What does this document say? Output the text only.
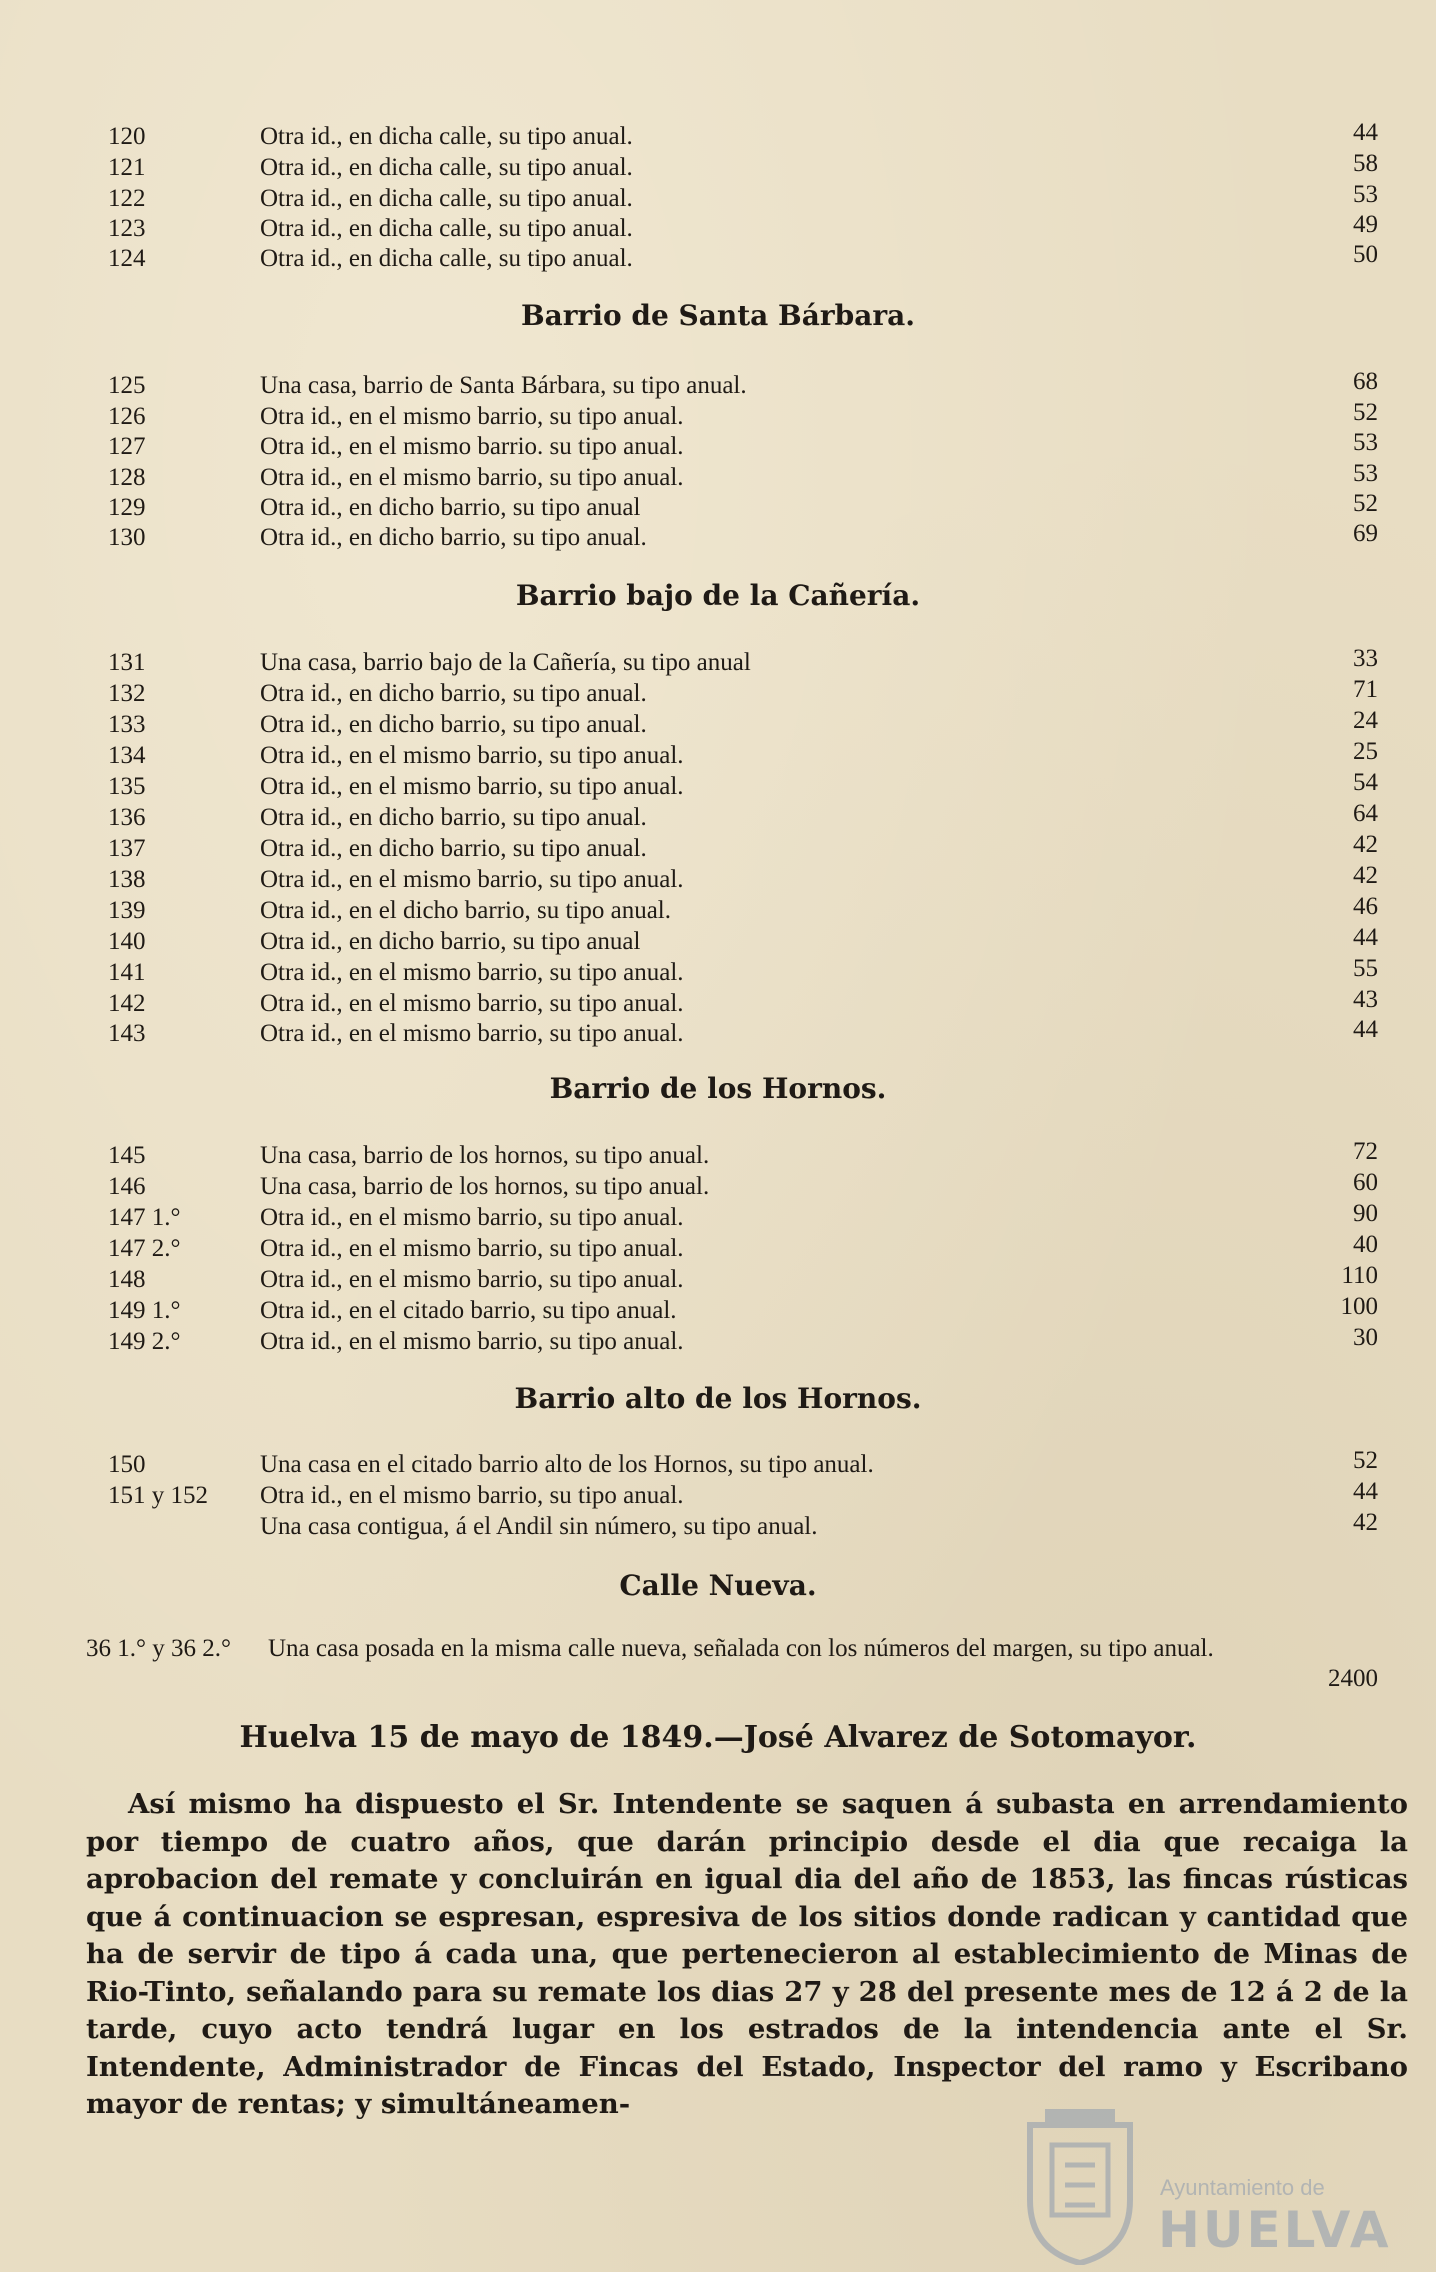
120	Otra id., en dicha calle, su tipo anual.	44
121	Otra id., en dicha calle, su tipo anual.	58
122	Otra id., en dicha calle, su tipo anual.	53
123	Otra id., en dicha calle, su tipo anual.	49
124	Otra id., en dicha calle, su tipo anual.	50
Barrio de Santa Bárbara.
125	Una casa, barrio de Santa Bárbara, su tipo anual.	68
126	Otra id., en el mismo barrio, su tipo anual.	52
127	Otra id., en el mismo barrio. su tipo anual.	53
128	Otra id., en el mismo barrio, su tipo anual.	53
129	Otra id., en dicho barrio, su tipo anual	52
130	Otra id., en dicho barrio, su tipo anual.	69
Barrio bajo de la Cañería.
131	Una casa, barrio bajo de la Cañería, su tipo anual	33
132	Otra id., en dicho barrio, su tipo anual.	71
133	Otra id., en dicho barrio, su tipo anual.	24
134	Otra id., en el mismo barrio, su tipo anual.	25
135	Otra id., en el mismo barrio, su tipo anual.	54
136	Otra id., en dicho barrio, su tipo anual.	64
137	Otra id., en dicho barrio, su tipo anual.	42
138	Otra id., en el mismo barrio, su tipo anual.	42
139	Otra id., en el dicho barrio, su tipo anual.	46
140	Otra id., en dicho barrio, su tipo anual	44
141	Otra id., en el mismo barrio, su tipo anual.	55
142	Otra id., en el mismo barrio, su tipo anual.	43
143	Otra id., en el mismo barrio, su tipo anual.	44
Barrio de los Hornos.
145	Una casa, barrio de los hornos, su tipo anual.	72
146	Una casa, barrio de los hornos, su tipo anual.	60
147 1.°	Otra id., en el mismo barrio, su tipo anual.	90
147 2.°	Otra id., en el mismo barrio, su tipo anual.	40
148	Otra id., en el mismo barrio, su tipo anual.	110
149 1.°	Otra id., en el citado barrio, su tipo anual.	100
149 2.°	Otra id., en el mismo barrio, su tipo anual.	30
Barrio alto de los Hornos.
150	Una casa en el citado barrio alto de los Hornos, su tipo anual.	52
151 y 152	Otra id., en el mismo barrio, su tipo anual.	44
Una casa contigua, á el Andil sin número, su tipo anual.	42
Calle Nueva.
36 1.° y 36 2.° Una casa posada en la misma calle nueva, señalada con los números del margen, su tipo anual.
2400
Huelva 15 de mayo de 1849.—José Alvarez de Sotomayor.
Así mismo ha dispuesto el Sr. Intendente se saquen á subasta en arrendamiento por tiempo de cuatro años, que darán principio desde el dia que recaiga la aprobacion del remate y concluirán en igual dia del año de 1853, las fincas rústicas que á continuacion se espresan, espresiva de los sitios donde radican y cantidad que ha de servir de tipo á cada una, que pertenecieron al establecimiento de Minas de Rio-Tinto, señalando para su remate los dias 27 y 28 del presente mes de 12 á 2 de la tarde, cuyo acto tendrá lugar en los estrados de la intendencia ante el Sr. Intendente, Administrador de Fincas del Estado, Inspector del ramo y Escribano mayor de rentas; y simultáneamen-
Ayuntamiento de
HUELVA
